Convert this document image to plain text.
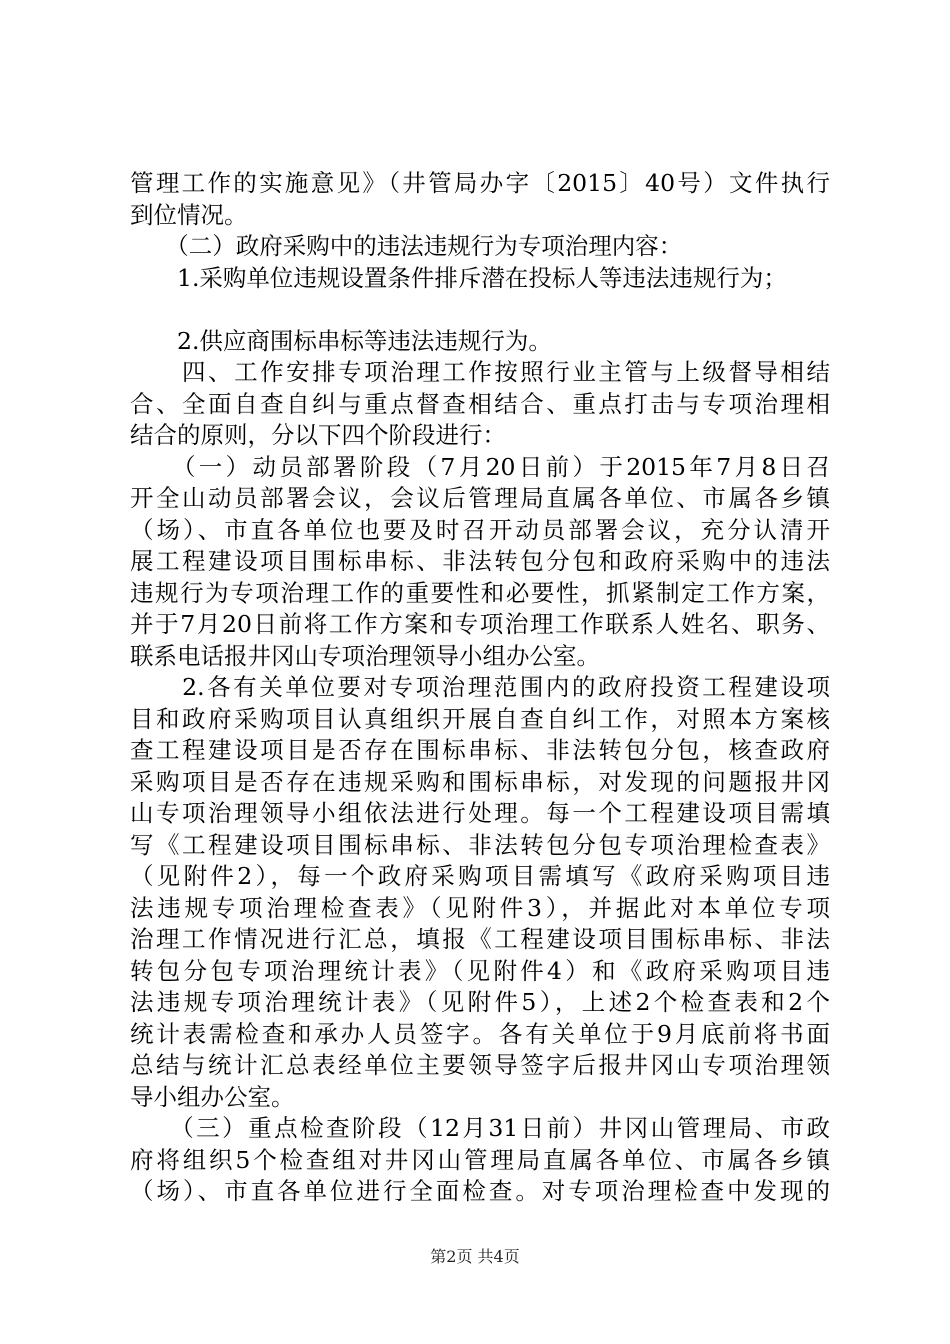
管理工作的实施意见》（井管局办字〔2015〕40号）文件执行
到位情况。
　　（二）政府采购中的违法违规行为专项治理内容：
　　1.采购单位违规设置条件排斥潜在投标人等违法违规行为；
　　2.供应商围标串标等违法违规行为。
　　四、工作安排专项治理工作按照行业主管与上级督导相结
合、全面自查自纠与重点督查相结合、重点打击与专项治理相
结合的原则，分以下四个阶段进行：
　　（一）动员部署阶段（7月20日前）于2015年7月8日召
开全山动员部署会议，会议后管理局直属各单位、市属各乡镇
（场）、市直各单位也要及时召开动员部署会议，充分认清开
展工程建设项目围标串标、非法转包分包和政府采购中的违法
违规行为专项治理工作的重要性和必要性，抓紧制定工作方案，
并于7月20日前将工作方案和专项治理工作联系人姓名、职务、
联系电话报井冈山专项治理领导小组办公室。
　　2.各有关单位要对专项治理范围内的政府投资工程建设项
目和政府采购项目认真组织开展自查自纠工作，对照本方案核
查工程建设项目是否存在围标串标、非法转包分包，核查政府
采购项目是否存在违规采购和围标串标，对发现的问题报井冈
山专项治理领导小组依法进行处理。每一个工程建设项目需填
写《工程建设项目围标串标、非法转包分包专项治理检查表》
（见附件2），每一个政府采购项目需填写《政府采购项目违
法违规专项治理检查表》（见附件3），并据此对本单位专项
治理工作情况进行汇总，填报《工程建设项目围标串标、非法
转包分包专项治理统计表》（见附件4）和《政府采购项目违
法违规专项治理统计表》（见附件5），上述2个检查表和2个
统计表需检查和承办人员签字。各有关单位于9月底前将书面
总结与统计汇总表经单位主要领导签字后报井冈山专项治理领
导小组办公室。
　　（三）重点检查阶段（12月31日前）井冈山管理局、市政
府将组织5个检查组对井冈山管理局直属各单位、市属各乡镇
（场）、市直各单位进行全面检查。对专项治理检查中发现的
第2页 共4页
